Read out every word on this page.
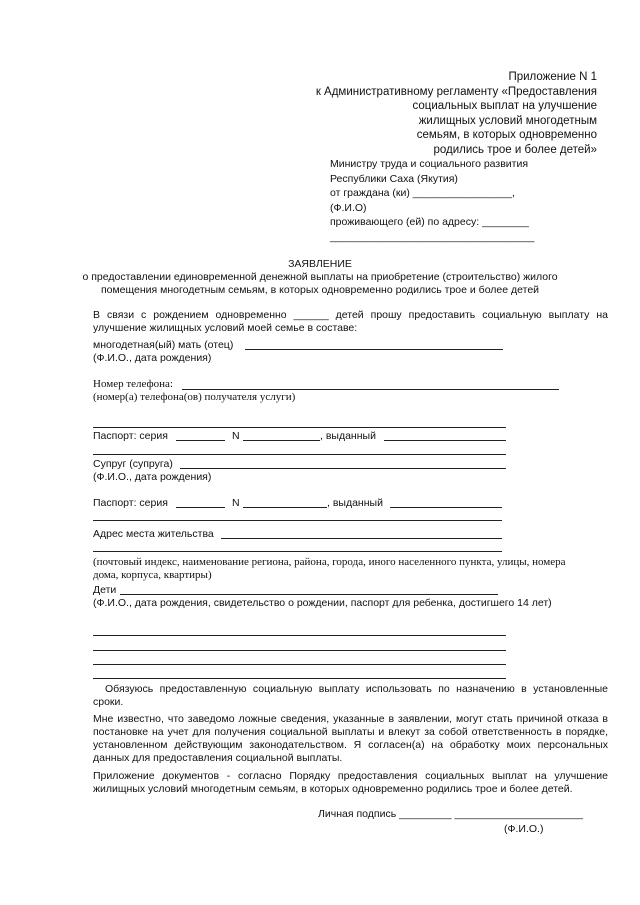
Приложение N 1
к Административному регламенту «Предоставления
социальных выплат на улучшение
жилищных условий многодетным
семьям, в которых одновременно
родились трое и более детей»
Министру труда и социального развития
Республики Саха (Якутия)
от граждана (ки) _________________,
(Ф.И.О)
проживающего (ей) по адресу: ________
___________________________________
ЗАЯВЛЕНИЕ
о предоставлении единовременной денежной выплаты на приобретение (строительство) жилого
помещения многодетным семьям, в которых одновременно родились трое и более детей
В связи с рождением одновременно ______ детей прошу предоставить социальную выплату на улучшение жилищных условий моей семье в составе:
многодетная(ый) мать (отец)
(Ф.И.О., дата рождения)
Номер телефона:
(номер(а) телефона(ов) получателя услуги)
Паспорт: серия	N	, выданный
Супруг (супруга)
(Ф.И.О., дата рождения)
Паспорт: серия	N	, выданный
Адрес места жительства
(почтовый индекс, наименование региона, района, города, иного населенного пункта, улицы, номера
дома, корпуса, квартиры)
Дети
(Ф.И.О., дата рождения, свидетельство о рождении, паспорт для ребенка, достигшего 14 лет)
Обязуюсь предоставленную социальную выплату использовать по назначению в установленные сроки.
Мне известно, что заведомо ложные сведения, указанные в заявлении, могут стать причиной отказа в постановке на учет для получения социальной выплаты и влекут за собой ответственность в порядке, установленном действующим законодательством. Я согласен(а) на обработку моих персональных данных для предоставления социальной выплаты.
Приложение документов - согласно Порядку предоставления социальных выплат на улучшение жилищных условий многодетным семьям, в которых одновременно родились трое и более детей.
Личная подпись _________ ______________________
(Ф.И.О.)
